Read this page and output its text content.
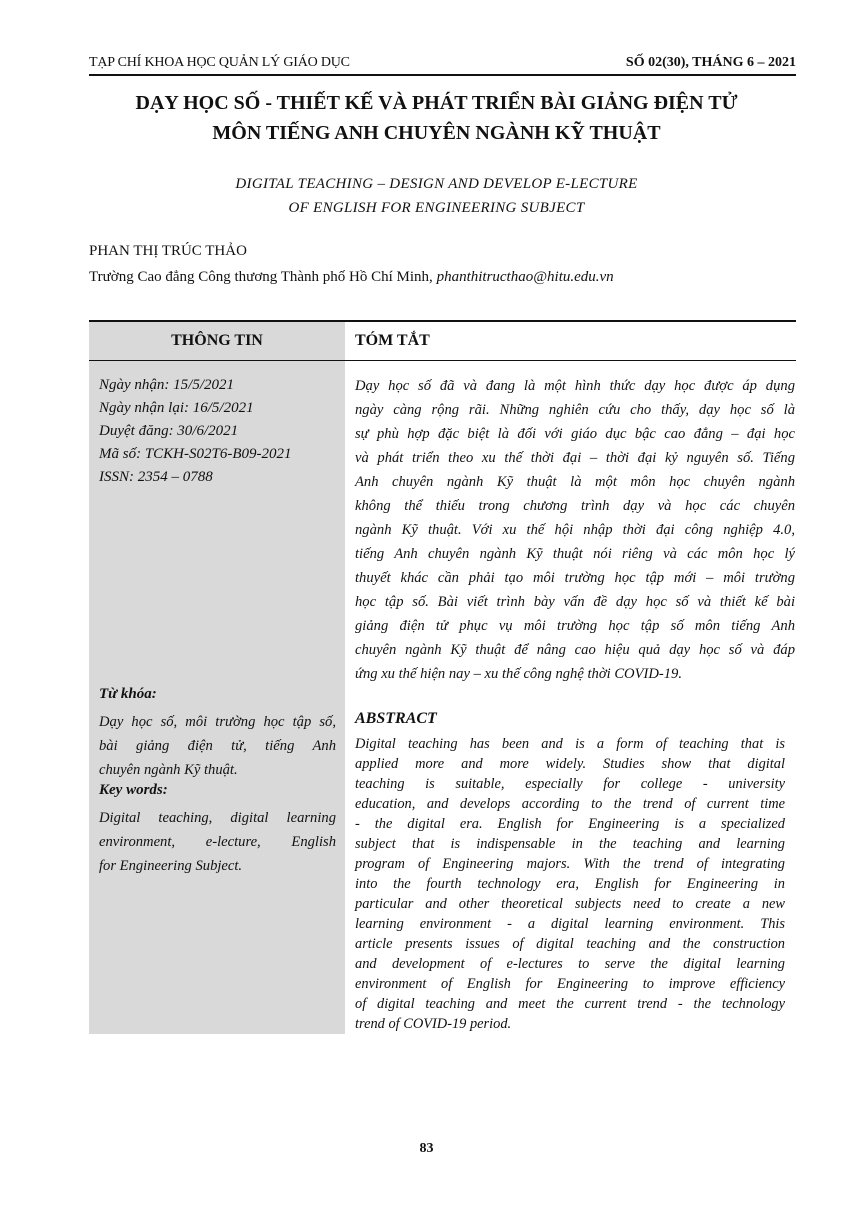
TẠP CHÍ KHOA HỌC QUẢN LÝ GIÁO DỤC	SỐ 02(30), THÁNG 6 – 2021
DẠY HỌC SỐ - THIẾT KẾ VÀ PHÁT TRIỂN BÀI GIẢNG ĐIỆN TỬ
MÔN TIẾNG ANH CHUYÊN NGÀNH KỸ THUẬT
DIGITAL TEACHING – DESIGN AND DEVELOP E-LECTURE
OF ENGLISH FOR ENGINEERING SUBJECT
PHAN THỊ TRÚC THẢO
Trường Cao đẳng Công thương Thành phố Hồ Chí Minh, phanthitructhao@hitu.edu.vn
THÔNG TIN	TÓM TẮT
Ngày nhận: 15/5/2021
Ngày nhận lại: 16/5/2021
Duyệt đăng: 30/6/2021
Mã số: TCKH-S02T6-B09-2021
ISSN: 2354 – 0788
Dạy học số đã và đang là một hình thức dạy học được áp dụng
ngày càng rộng rãi. Những nghiên cứu cho thấy, dạy học số là
sự phù hợp đặc biệt là đối với giáo dục bậc cao đẳng – đại học
và phát triển theo xu thế thời đại – thời đại kỷ nguyên số. Tiếng
Anh chuyên ngành Kỹ thuật là một môn học chuyên ngành
không thể thiếu trong chương trình dạy và học các chuyên
ngành Kỹ thuật. Với xu thế hội nhập thời đại công nghiệp 4.0,
tiếng Anh chuyên ngành Kỹ thuật nói riêng và các môn học lý
thuyết khác cần phải tạo môi trường học tập mới – môi trường
học tập số. Bài viết trình bày vấn đề dạy học số và thiết kế bài
giảng điện tử phục vụ môi trường học tập số môn tiếng Anh
chuyên ngành Kỹ thuật để nâng cao hiệu quả dạy học số và đáp
ứng xu thế hiện nay – xu thế công nghệ thời COVID-19.
Từ khóa:
Dạy học số, môi trường học tập số,
bài giảng điện tử, tiếng Anh
chuyên ngành Kỹ thuật.
Key words:
Digital teaching, digital learning
environment, e-lecture, English
for Engineering Subject.
ABSTRACT
Digital teaching has been and is a form of teaching that is
applied more and more widely. Studies show that digital
teaching is suitable, especially for college - university
education, and develops according to the trend of current time
- the digital era. English for Engineering is a specialized
subject that is indispensable in the teaching and learning
program of Engineering majors. With the trend of integrating
into the fourth technology era, English for Engineering in
particular and other theoretical subjects need to create a new
learning environment - a digital learning environment. This
article presents issues of digital teaching and the construction
and development of e-lectures to serve the digital learning
environment of English for Engineering to improve efficiency
of digital teaching and meet the current trend - the technology
trend of COVID-19 period.
83
